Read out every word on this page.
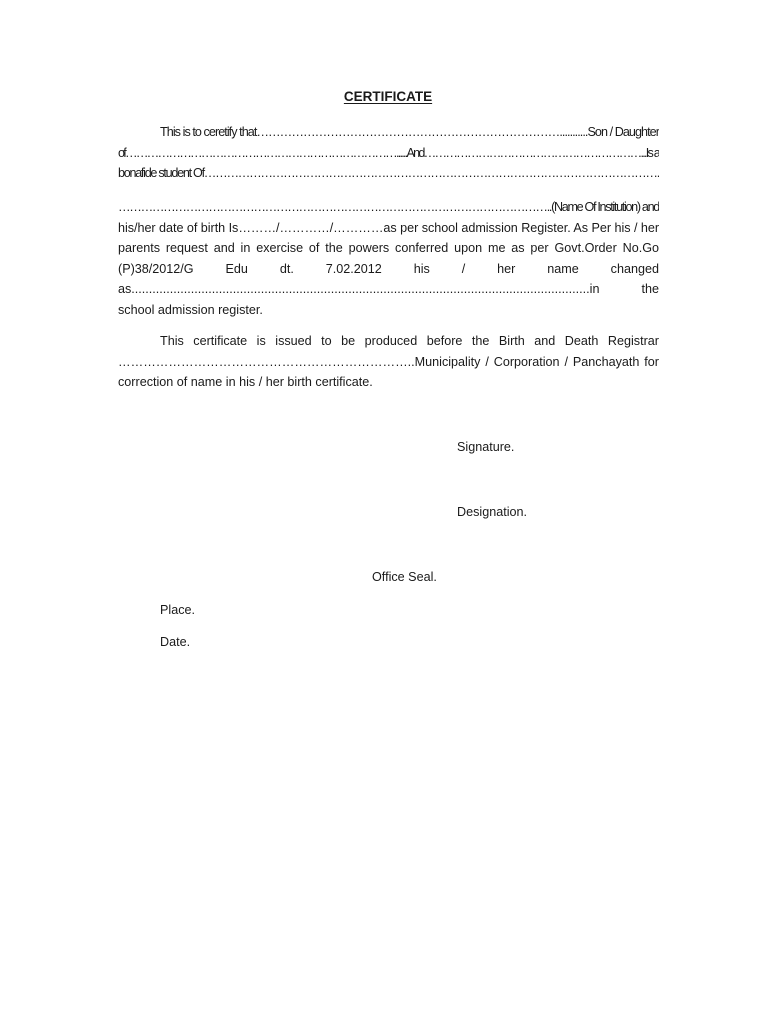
CERTIFICATE

This is to ceretify that……………………………………………………………………...........Son / Daughter
of…………………………………………………………………......And……………………………………………………...Is a
bonafide student Of………………………………………………………………………………………………………….

……………………………………………………………………………………………………..(Name Of Institution) and
his/her date of birth Is………/…………/…………as per school admission Register. As Per his / her
parents request and in exercise of the powers conferred upon me as per Govt.Order No.Go
(P)38/2012/G Edu dt. 7.02.2012 his / her name changed
as...................................................................................................................................in the
school admission register.

This certificate is issued to be produced before the Birth and Death Registrar
……………………………………………………………..Municipality / Corporation / Panchayath for
correction of name in his / her birth certificate.

Signature.

Designation.

Office Seal.

Place.

Date.
